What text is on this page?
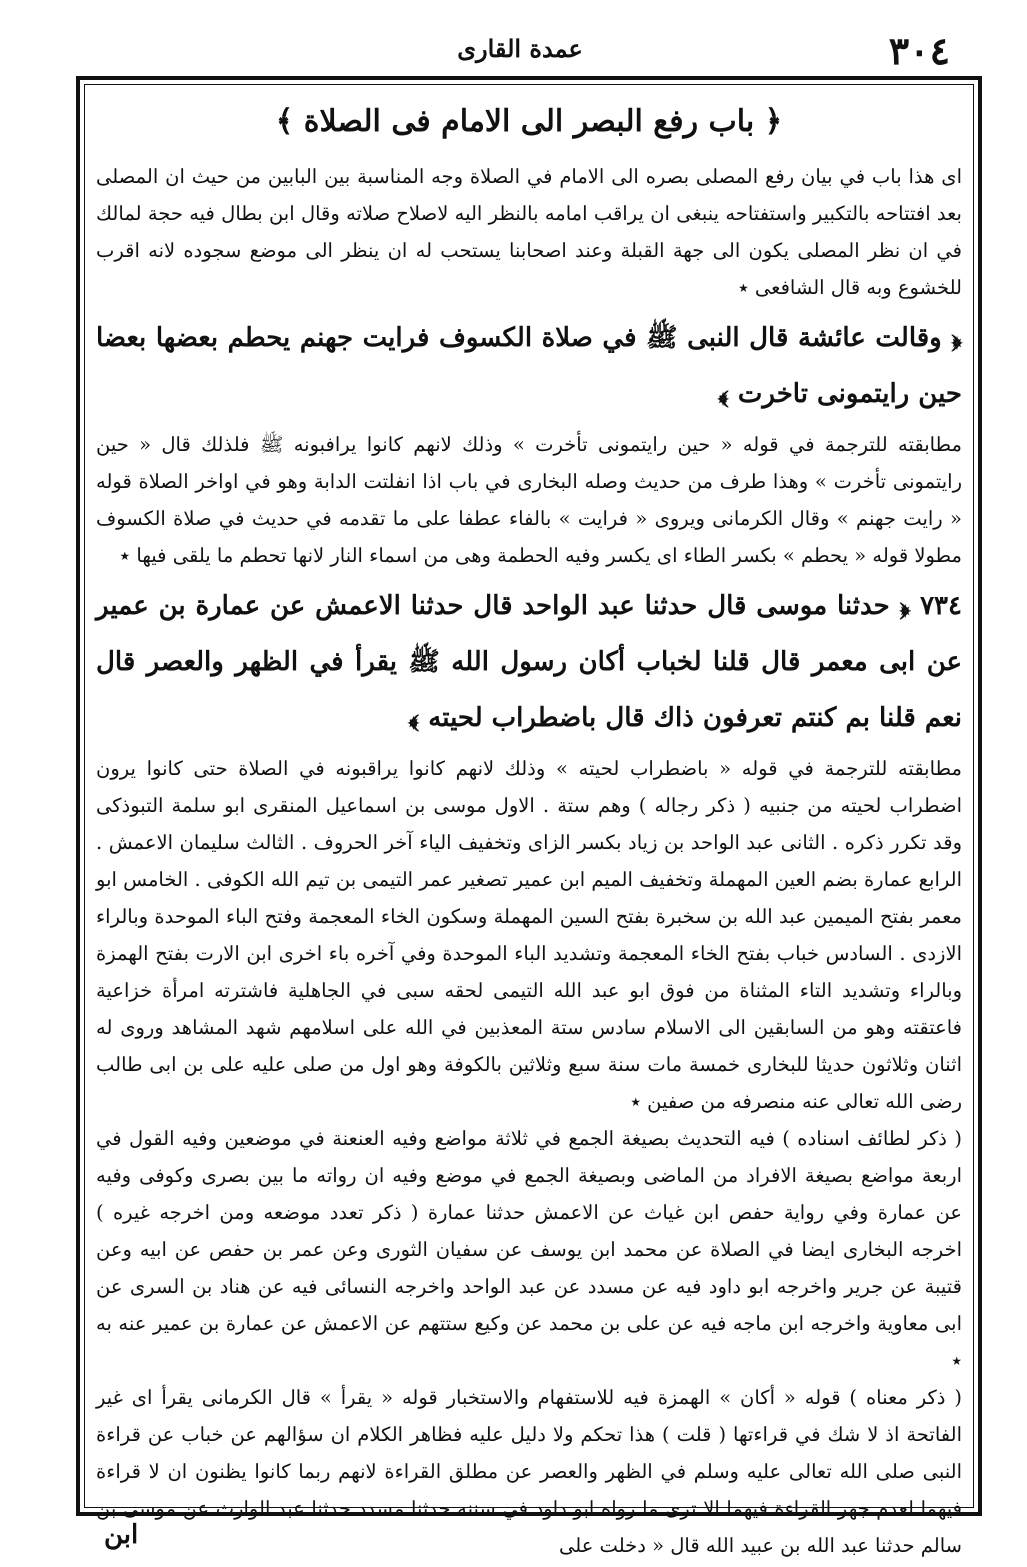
٣٠٤
عمدة القارى
﴿ باب رفع البصر الى الامام فى الصلاة ﴾

اى هذا باب في بيان رفع المصلى بصره الى الامام في الصلاة وجه المناسبة بين البابين من حيث ان المصلى بعد افتتاحه بالتكبير واستفتاحه ينبغى ان يراقب امامه بالنظر اليه لاصلاح صلاته وقال ابن بطال فيه حجة لمالك في ان نظر المصلى يكون الى جهة القبلة وعند اصحابنا يستحب له ان ينظر الى موضع سجوده لانه اقرب للخشوع وبه قال الشافعى ٭

﴿ وقالت عائشة قال النبى ﷺ في صلاة الكسوف فرايت جهنم يحطم بعضها بعضا حين رايتمونى تاخرت ﴾

مطابقته للترجمة في قوله « حين رايتمونى تأخرت » وذلك لانهم كانوا يرافبونه ﷺ فلذلك قال « حين رايتمونى تأخرت » وهذا طرف من حديث وصله البخارى في باب اذا انفلتت الدابة وهو في اواخر الصلاة قوله « رايت جهنم » وقال الكرمانى ويروى « فرايت » بالفاء عطفا على ما تقدمه في حديث في صلاة الكسوف مطولا قوله « يحطم » بكسر الطاء اى يكسر وفيه الحطمة وهى من اسماء النار لانها تحطم ما يلقى فيها ٭

٧٣٤ ﴿ حدثنا موسى قال حدثنا عبد الواحد قال حدثنا الاعمش عن عمارة بن عمير عن ابى معمر قال قلنا لخباب أكان رسول الله ﷺ يقرأ في الظهر والعصر قال نعم قلنا بم كنتم تعرفون ذاك قال باضطراب لحيته ﴾

مطابقته للترجمة في قوله « باضطراب لحيته » وذلك لانهم كانوا يراقبونه في الصلاة حتى كانوا يرون اضطراب لحيته من جنبيه ( ذكر رجاله ) وهم ستة . الاول موسى بن اسماعيل المنقرى ابو سلمة التبوذكى وقد تكرر ذكره . الثانى عبد الواحد بن زياد بكسر الزاى وتخفيف الياء آخر الحروف . الثالث سليمان الاعمش . الرابع عمارة بضم العين المهملة وتخفيف الميم ابن عمير تصغير عمر التيمى بن تيم الله الكوفى . الخامس ابو معمر بفتح الميمين عبد الله بن سخبرة بفتح السين المهملة وسكون الخاء المعجمة وفتح الباء الموحدة وبالراء الازدى . السادس خباب بفتح الخاء المعجمة وتشديد الباء الموحدة وفي آخره باء اخرى ابن الارت بفتح الهمزة وبالراء وتشديد التاء المثناة من فوق ابو عبد الله التيمى لحقه سبى في الجاهلية فاشترته امرأة خزاعية فاعتقته وهو من السابقين الى الاسلام سادس ستة المعذبين في الله على اسلامهم شهد المشاهد وروى له اثنان وثلاثون حديثا للبخارى خمسة مات سنة سبع وثلاثين بالكوفة وهو اول من صلى عليه على بن ابى طالب رضى الله تعالى عنه منصرفه من صفين ٭

( ذكر لطائف اسناده ) فيه التحديث بصيغة الجمع في ثلاثة مواضع وفيه العنعنة في موضعين وفيه القول في اربعة مواضع بصيغة الافراد من الماضى وبصيغة الجمع في موضع وفيه ان رواته ما بين بصرى وكوفى وفيه عن عمارة وفي رواية حفص ابن غياث عن الاعمش حدثنا عمارة ( ذكر تعدد موضعه ومن اخرجه غيره ) اخرجه البخارى ايضا في الصلاة عن محمد ابن يوسف عن سفيان الثورى وعن عمر بن حفص عن ابيه وعن قتيبة عن جرير واخرجه ابو داود فيه عن مسدد عن عبد الواحد واخرجه النسائى فيه عن هناد بن السرى عن ابى معاوية واخرجه ابن ماجه فيه عن على بن محمد عن وكيع ستتهم عن الاعمش عن عمارة بن عمير عنه به ٭

( ذكر معناه ) قوله « أكان » الهمزة فيه للاستفهام والاستخبار قوله « يقرأ » قال الكرمانى يقرأ اى غير الفاتحة اذ لا شك في قراءتها ( قلت ) هذا تحكم ولا دليل عليه فظاهر الكلام ان سؤالهم عن خباب عن قراءة النبى صلى الله تعالى عليه وسلم في الظهر والعصر عن مطلق القراءة لانهم ربما كانوا يظنون ان لا قراءة فيهما لعدم جهر القراءة فيهما الا ترى ما رواه ابو داود في سننه حدثنا مسدد حدثنا عبد الوارث عن موسى بن سالم حدثنا عبد الله بن عبيد الله قال « دخلت على

ابن
